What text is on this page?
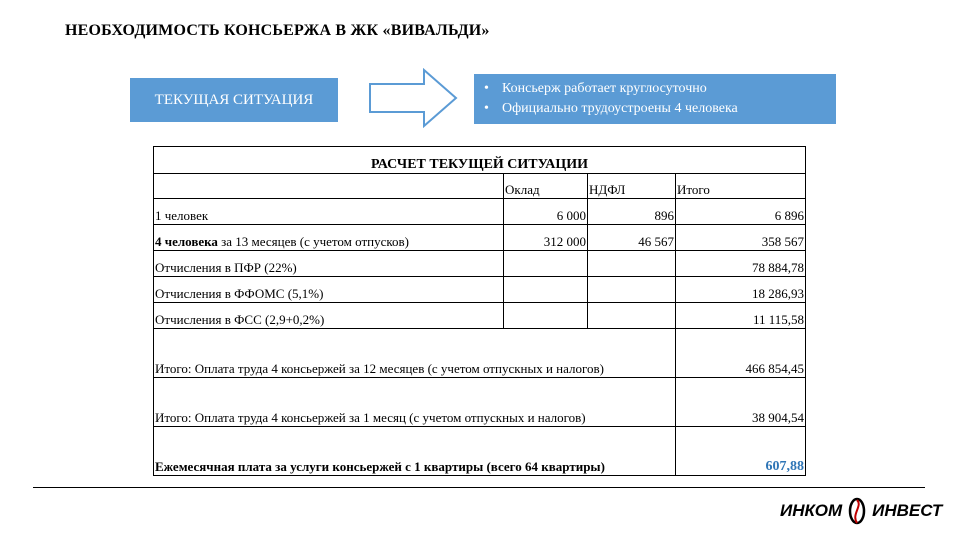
НЕОБХОДИМОСТЬ КОНСЬЕРЖА В ЖК «ВИВАЛЬДИ»
ТЕКУЩАЯ СИТУАЦИЯ
• Консьерж работает круглосуточно
• Официально трудоустроены 4 человека
РАСЧЕТ ТЕКУЩЕЙ СИТУАЦИИ			
	Оклад	НДФЛ	Итого
1 человек	6 000	896	6 896
4 человека за 13 месяцев (с учетом отпусков)	312 000	46 567	358 567
Отчисления в ПФР (22%)			78 884,78
Отчисления в ФФОМС (5,1%)			18 286,93
Отчисления в ФСС (2,9+0,2%)			11 115,58
Итого: Оплата труда 4 консьержей за 12 месяцев (с учетом отпускных и налогов)			466 854,45
Итого: Оплата труда 4 консьержей за 1 месяц (с учетом отпускных и налогов)			38 904,54
Ежемесячная плата за услуги консьержей с 1 квартиры (всего 64 квартиры)			607,88
ИНКОМ ИНВЕСТ
